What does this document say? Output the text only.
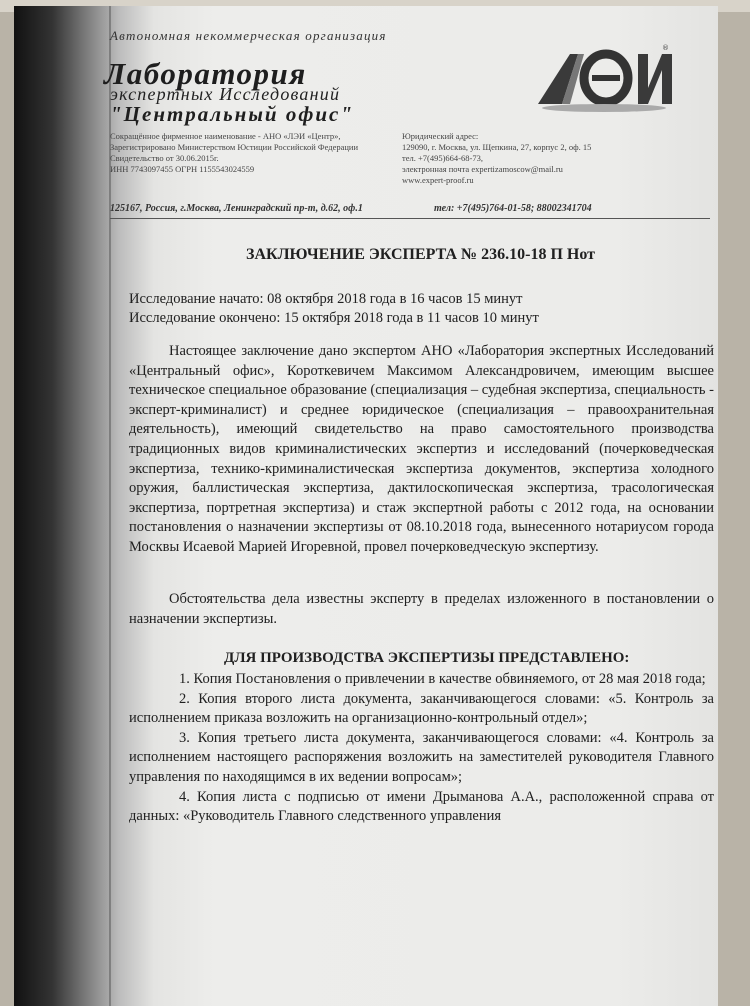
Автономная некоммерческая организация
Лаборатория
экспертных Исследований
"Центральный офис"
®
Сокращённое фирменное наименование - АНО «ЛЭИ «Центр»,
Зарегистрировано Министерством Юстиции Российской Федерации
Свидетельство от 30.06.2015г.
ИНН 7743097455 ОГРН 1155543024559
Юридический адрес:
129090, г. Москва, ул. Щепкина, 27, корпус 2, оф. 15
тел. +7(495)664-68-73,
электронная почта expertizamoscow@mail.ru
www.expert-proof.ru
125167, Россия, г.Москва, Ленинградский пр-т, д.62, оф.1	тел: +7(495)764-01-58; 88002341704
ЗАКЛЮЧЕНИЕ ЭКСПЕРТА № 236.10-18 П Нот
Исследование начато: 08 октября 2018 года в 16 часов 15 минут
Исследование окончено: 15 октября 2018 года в 11 часов 10 минут

Настоящее заключение дано экспертом АНО «Лаборатория экспертных Исследований «Центральный офис», Короткевичем Максимом Александровичем, имеющим высшее техническое специальное образование (специализация – судебная экспертиза, специальность - эксперт-криминалист) и среднее юридическое (специализация – правоохранительная деятельность), имеющий свидетельство на право самостоятельного производства традиционных видов криминалистических экспертиз и исследований (почерковедческая экспертиза, технико-криминалистическая экспертиза документов, экспертиза холодного оружия, баллистическая экспертиза, дактилоскопическая экспертиза, трасологическая экспертиза, портретная экспертиза) и стаж экспертной работы с 2012 года, на основании постановления о назначении экспертизы от 08.10.2018 года, вынесенного нотариусом города Москвы Исаевой Марией Игоревной, провел почерковедческую экспертизу.

Обстоятельства дела известны эксперту в пределах изложенного в постановлении о назначении экспертизы.

ДЛЯ ПРОИЗВОДСТВА ЭКСПЕРТИЗЫ ПРЕДСТАВЛЕНО:

1. Копия Постановления о привлечении в качестве обвиняемого, от 28 мая 2018 года;

2. Копия второго листа документа, заканчивающегося словами: «5. Контроль за исполнением приказа возложить на организационно-контрольный отдел»;

3. Копия третьего листа документа, заканчивающегося словами: «4. Контроль за исполнением настоящего распоряжения возложить на заместителей руководителя Главного управления по находящимся в их ведении вопросам»;

4. Копия листа с подписью от имени Дрыманова А.А., расположенной справа от данных: «Руководитель Главного следственного управления
